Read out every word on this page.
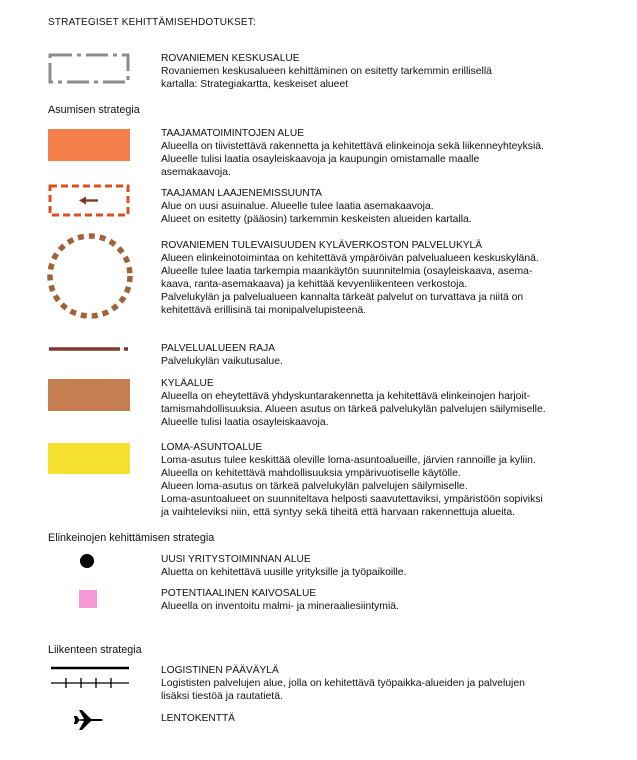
STRATEGISET KEHITTÄMISEHDOTUKSET:
ROVANIEMEN KESKUSALUE
Rovaniemen keskusalueen kehittäminen on esitetty tarkemmin erillisellä
kartalla: Strategiakartta, keskeiset alueet
Asumisen strategia
TAAJAMATOIMINTOJEN ALUE
Alueella on tiivistettävä rakennetta ja kehitettävä elinkeinoja sekä liikenneyhteyksiä.
Alueelle tulisi laatia osayleiskaavoja ja kaupungin omistamalle maalle
asemakaavoja.
TAAJAMAN LAAJENEMISSUUNTA
Alue on uusi asuinalue. Alueelle tulee laatia asemakaavoja.
Alueet on esitetty (pääosin) tarkemmin keskeisten alueiden kartalla.
ROVANIEMEN TULEVAISUUDEN KYLÄVERKOSTON PALVELUKYLÄ
Alueen elinkeinotoimintaa on kehitettävä ympäröivän palvelualueen keskuskylänä.
Alueelle tulee laatia tarkempia maankäytön suunnitelmia (osayleiskaava, asema-
kaava, ranta-asemakaava) ja kehittää kevyenliikenteen verkostoja.
Palvelukylän ja palvelualueen kannalta tärkeät palvelut on turvattava ja niitä on
kehitettävä erillisinä tai monipalvelupisteenä.
PALVELUALUEEN RAJA
Palvelukylän vaikutusalue.
KYLÄALUE
Alueella on eheytettävä yhdyskuntarakennetta ja kehitettävä elinkeinojen harjoit-
tamismahdollisuuksia. Alueen asutus on tärkeä palvelukylän palvelujen säilymiselle.
Alueelle tulisi laatia osayleiskaavoja.
LOMA-ASUNTOALUE
Loma-asutus tulee keskittää oleville loma-asuntoalueille, järvien rannoille ja kyliin.
Alueella on kehitettävä mahdollisuuksia ympärivuotiselle käytölle.
Alueen loma-asutus on tärkeä palvelukylän palvelujen säilymiselle.
Loma-asuntoalueet on suunniteltava helposti saavutettaviksi, ympäristöön sopiviksi
ja vaihteleviksi niin, että syntyy sekä tiheitä että harvaan rakennettuja alueita.
Elinkeinojen kehittämisen strategia
UUSI YRITYSTOIMINNAN ALUE
Aluetta on kehitettävä uusille yrityksille ja työpaikoille.
POTENTIAALINEN KAIVOSALUE
Alueella on inventoitu malmi- ja mineraaliesiintymiä.
Liikenteen strategia
LOGISTINEN PÄÄVÄYLÄ
Logististen palvelujen alue, jolla on kehitettävä työpaikka-alueiden ja palvelujen
lisäksi tiestöä ja rautatietä.
LENTOKENTTÄ
